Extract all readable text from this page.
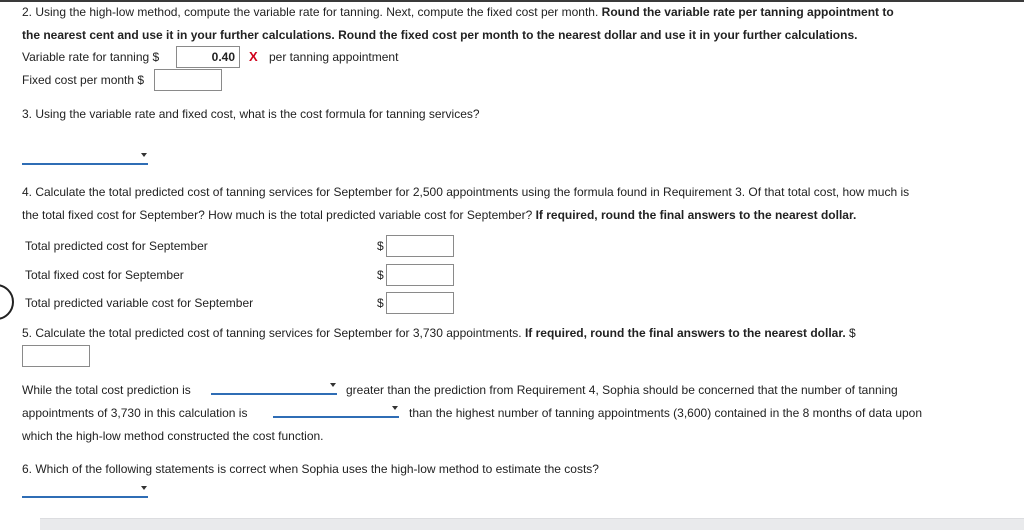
2. Using the high-low method, compute the variable rate for tanning. Next, compute the fixed cost per month. Round the variable rate per tanning appointment to
the nearest cent and use it in your further calculations. Round the fixed cost per month to the nearest dollar and use it in your further calculations.
Variable rate for tanning $	0.40	X per tanning appointment
Fixed cost per month $
3. Using the variable rate and fixed cost, what is the cost formula for tanning services?
4. Calculate the total predicted cost of tanning services for September for 2,500 appointments using the formula found in Requirement 3. Of that total cost, how much is
the total fixed cost for September? How much is the total predicted variable cost for September? If required, round the final answers to the nearest dollar.
Total predicted cost for September	$
Total fixed cost for September	$
Total predicted variable cost for September	$
5. Calculate the total predicted cost of tanning services for September for 3,730 appointments. If required, round the final answers to the nearest dollar. $
While the total cost prediction is	greater than the prediction from Requirement 4, Sophia should be concerned that the number of tanning
appointments of 3,730 in this calculation is	than the highest number of tanning appointments (3,600) contained in the 8 months of data upon
which the high-low method constructed the cost function.
6. Which of the following statements is correct when Sophia uses the high-low method to estimate the costs?
